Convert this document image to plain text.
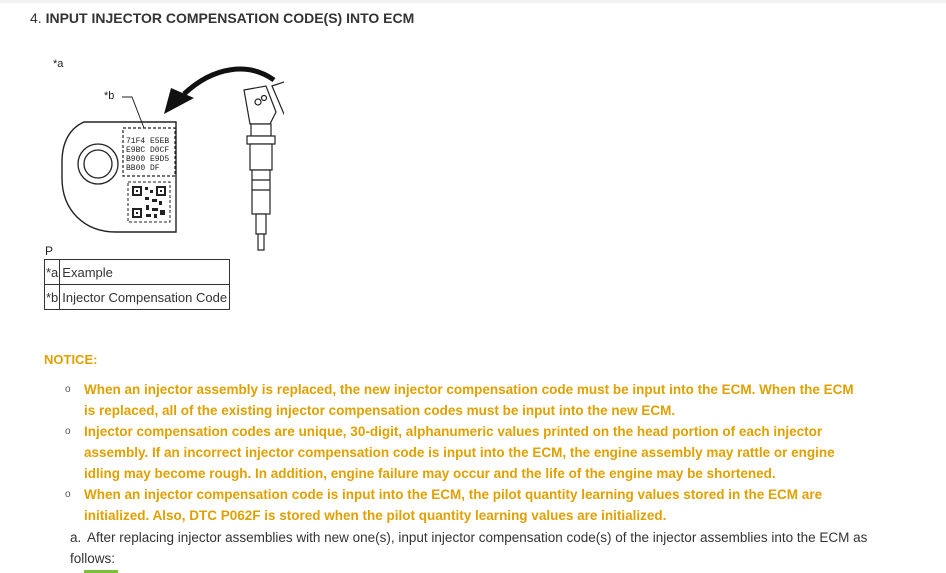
4. INPUT INJECTOR COMPENSATION CODE(S) INTO ECM
71F4 E5EB
E9BC D0CF
B900 E9D5
BB00 DF
*a
*b
P
*a	Example
*b	Injector Compensation Code
NOTICE:
o When an injector assembly is replaced, the new injector compensation code must be input into the ECM. When the ECM is replaced, all of the existing injector compensation codes must be input into the new ECM.
o Injector compensation codes are unique, 30-digit, alphanumeric values printed on the head portion of each injector assembly. If an incorrect injector compensation code is input into the ECM, the engine assembly may rattle or engine idling may become rough. In addition, engine failure may occur and the life of the engine may be shortened.
o When an injector compensation code is input into the ECM, the pilot quantity learning values stored in the ECM are initialized. Also, DTC P062F is stored when the pilot quantity learning values are initialized.
a. After replacing injector assemblies with new one(s), input injector compensation code(s) of the injector assemblies into the ECM as follows:
